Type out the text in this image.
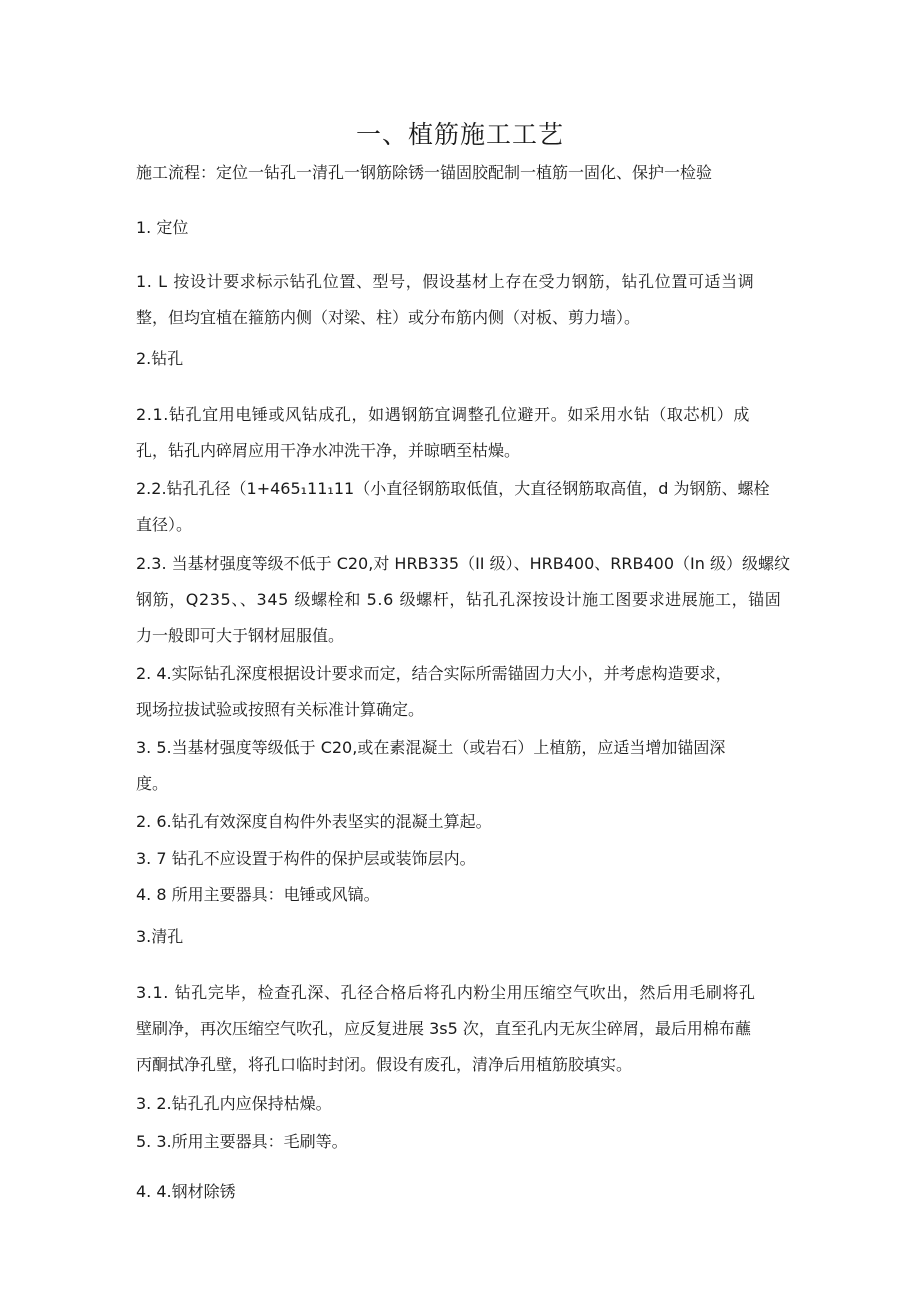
一、植筋施工工艺
施工流程：定位一钻孔一清孔一钢筋除锈一锚固胶配制一植筋一固化、保护一检验
1. 定位
1. L 按设计要求标示钻孔位置、型号，假设基材上存在受力钢筋，钻孔位置可适当调
整，但均宜植在箍筋内侧（对梁、柱）或分布筋内侧（对板、剪力墙）。
2.钻孔
2.1.钻孔宜用电锤或风钻成孔，如遇钢筋宜调整孔位避开。如采用水钻（取芯机）成
孔，钻孔内碎屑应用干净水冲洗干净，并晾晒至枯燥。
2.2.钻孔孔径（1+465₁11₁11（小直径钢筋取低值，大直径钢筋取高值，d 为钢筋、螺栓
直径）。
2.3. 当基材强度等级不低于 C20,对 HRB335（II 级）、HRB400、RRB400（In 级）级螺纹
钢筋，Q235、、345 级螺栓和 5.6 级螺杆，钻孔孔深按设计施工图要求进展施工，锚固
力一般即可大于钢材屈服值。
2. 4.实际钻孔深度根据设计要求而定，结合实际所需锚固力大小，并考虑构造要求，
现场拉拔试验或按照有关标准计算确定。
3. 5.当基材强度等级低于 C20,或在素混凝土（或岩石）上植筋，应适当增加锚固深
度。
2. 6.钻孔有效深度自构件外表坚实的混凝土算起。
3. 7 钻孔不应设置于构件的保护层或装饰层内。
4. 8 所用主要器具：电锤或风镐。
3.清孔
3.1. 钻孔完毕，检查孔深、孔径合格后将孔内粉尘用压缩空气吹出，然后用毛刷将孔
壁刷净，再次压缩空气吹孔，应反复进展 3s5 次，直至孔内无灰尘碎屑，最后用棉布蘸
丙酮拭净孔壁，将孔口临时封闭。假设有废孔，清净后用植筋胶填实。
3. 2.钻孔孔内应保持枯燥。
5. 3.所用主要器具：毛刷等。
4. 4.钢材除锈
